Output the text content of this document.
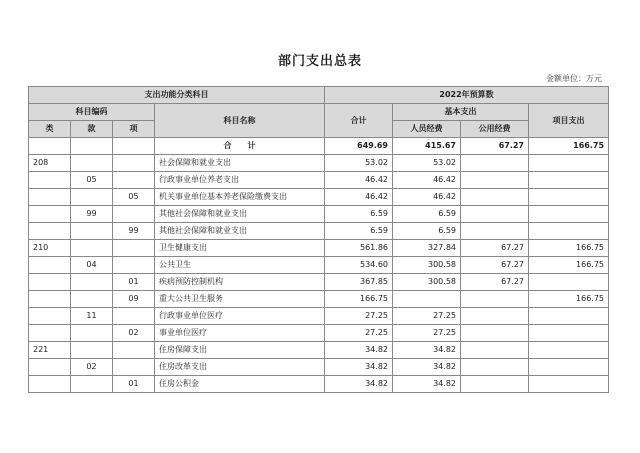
部门支出总表
金额单位：万元
支出功能分类科目				2022年预算数			
科目编码			科目名称	合计	基本支出		项目支出
类	款	项			人员经费	公用经费	
			合　　计	649.69	415.67	67.27	166.75
208			社会保障和就业支出	53.02	53.02		
	05		行政事业单位养老支出	46.42	46.42		
		05	机关事业单位基本养老保险缴费支出	46.42	46.42		
	99		其他社会保障和就业支出	6.59	6.59		
		99	其他社会保障和就业支出	6.59	6.59		
210			卫生健康支出	561.86	327.84	67.27	166.75
	04		公共卫生	534.60	300.58	67.27	166.75
		01	疾病预防控制机构	367.85	300.58	67.27	
		09	重大公共卫生服务	166.75			166.75
	11		行政事业单位医疗	27.25	27.25		
		02	事业单位医疗	27.25	27.25		
221			住房保障支出	34.82	34.82		
	02		住房改革支出	34.82	34.82		
		01	住房公积金	34.82	34.82		
